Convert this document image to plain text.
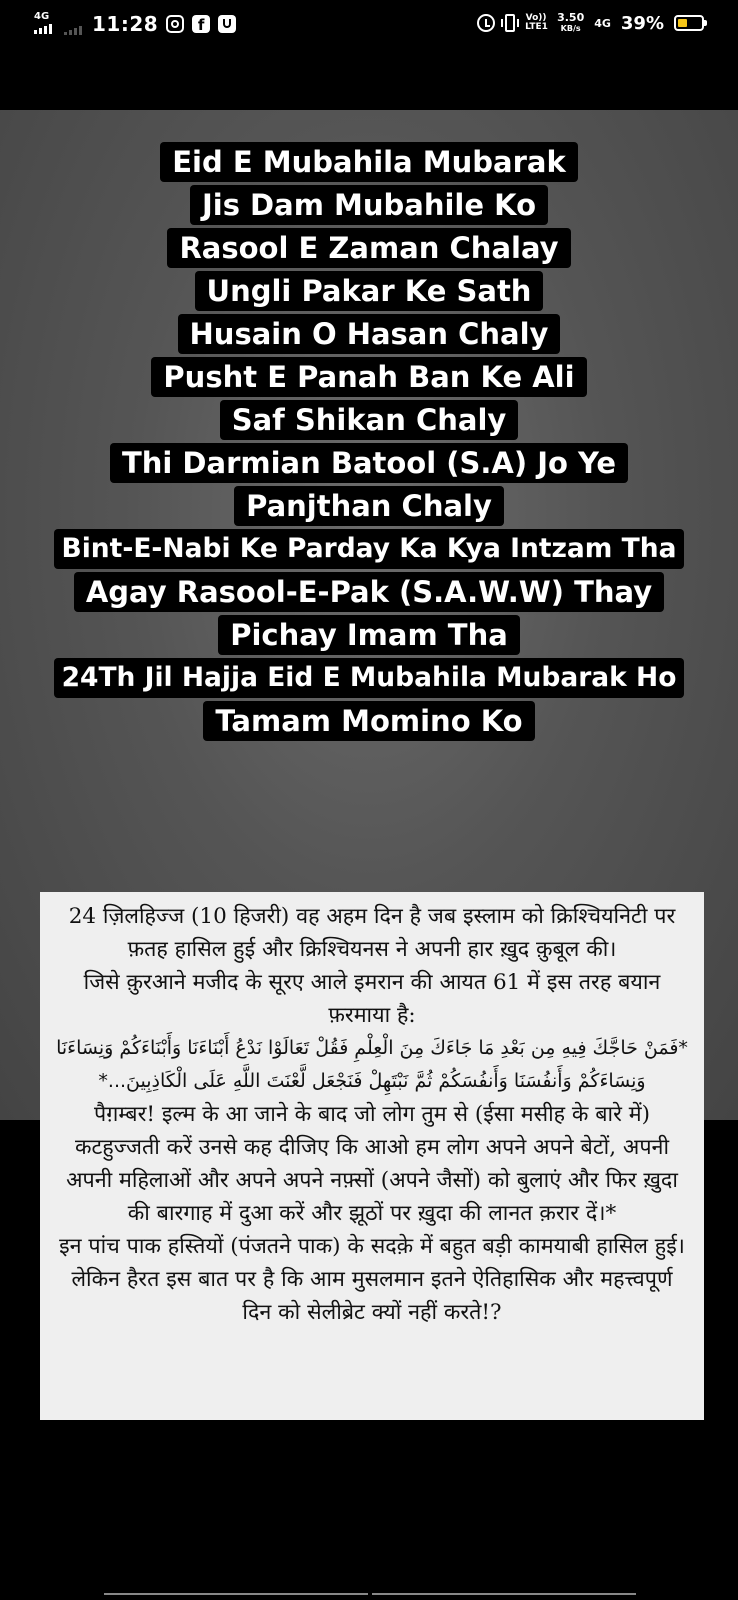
4G 11:28	f	Vo)) LTE1
3.50
KB/s	4G 39%
Eid E Mubahila Mubarak
Jis Dam Mubahile Ko
Rasool E Zaman Chalay
Ungli Pakar Ke Sath
Husain O Hasan Chaly
Pusht E Panah Ban Ke Ali
Saf Shikan Chaly
Thi Darmian Batool (S.A) Jo Ye
Panjthan Chaly
Bint-E-Nabi Ke Parday Ka Kya Intzam Tha
Agay Rasool-E-Pak (S.A.W.W) Thay
Pichay Imam Tha
24Th Jil Hajja Eid E Mubahila Mubarak Ho
Tamam Momino Ko

24 ज़िलहिज्ज (10 हिजरी) वह अहम दिन है जब इस्लाम को क्रिश्चियनिटी पर फ़तह हासिल हुई और क्रिश्चियनस ने अपनी हार ख़ुद क़ुबूल की।

जिसे क़ुरआने मजीद के सूरए आले इमरान की आयत 61 में इस तरह बयान फ़रमाया है:

*فَمَنْ حَاجَّكَ فِيهِ مِن بَعْدِ مَا جَاءَكَ مِنَ الْعِلْمِ فَقُلْ تَعَالَوْا نَدْعُ أَبْنَاءَنَا وَأَبْنَاءَكُمْ وَنِسَاءَنَا وَنِسَاءَكُمْ وَأَنفُسَنَا وَأَنفُسَكُمْ ثُمَّ نَبْتَهِلْ فَنَجْعَل لَّعْنَتَ اللَّهِ عَلَى الْكَاذِبِينَ...*

पैग़म्बर! इल्म के आ जाने के बाद जो लोग तुम से (ईसा मसीह के बारे में) कटहुज्जती करें उनसे कह दीजिए कि आओ हम लोग अपने अपने बेटों, अपनी अपनी महिलाओं और अपने अपने नफ़्सों (अपने जैसों) को बुलाएं और फिर ख़ुदा की बारगाह में दुआ करें और झूठों पर ख़ुदा की लानत क़रार दें।*

इन पांच पाक हस्तियों (पंजतने पाक) के सदक़े में बहुत बड़ी कामयाबी हासिल हुई।

लेकिन हैरत इस बात पर है कि आम मुसलमान इतने ऐतिहासिक और महत्त्वपूर्ण दिन को सेलीब्रेट क्यों नहीं करते!?
